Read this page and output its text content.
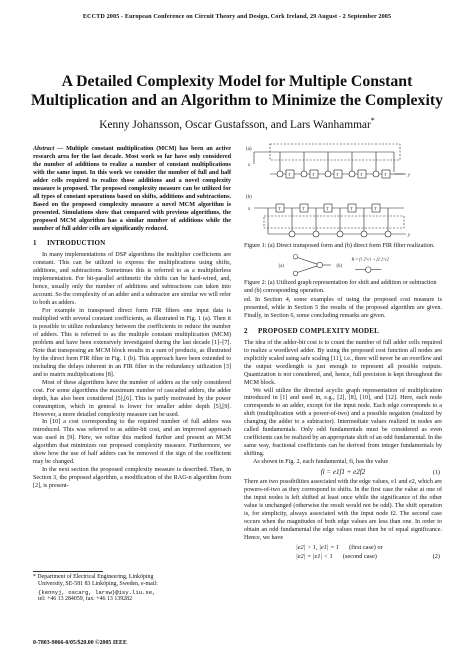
ECCTD 2005 - European Conference on Circuit Theory and Design, Cork Ireland, 29 August - 2 September 2005
A Detailed Complexity Model for Multiple Constant
Multiplication and an Algorithm to Minimize the Complexity
Kenny Johansson, Oscar Gustafsson, and Lars Wanhammar*

Abstract — Multiple constant multiplication (MCM) has been an active research area for the last decade. Most work so far have only considered the number of additions to realize a number of constant multiplications with the same input. In this work we consider the number of full and half adder cells required to realize those additions and a novel complexity measure is proposed. The proposed complexity measure can be utilized for all types of constant operations based on shifts, additions and subtractions. Based on the proposed complexity measure a novel MCM algorithm is presented. Simulations show that compared with previous algorithms, the proposed MCM algorithm has a similar number of additions while the number of full adder cells are significantly reduced.

1 INTRODUCTION

In many implementations of DSP algorithms the multiplier coefficients are constant. This can be utilized to express the multiplications using shifts, additions, and subtractions. Sometimes this is referred to as a multiplierless implementation. For bit-parallel arithmetic the shifts can be hard-wired, and, hence, usually only the number of additions and subtractions can taken into account. So the complexity of an adder and a subtractor are similar we will refer to both as adders.

For example in transposed direct form FIR filters one input data is multiplied with several constant coefficients, as illustrated in Fig. 1 (a). Then it is possible to utilize redundancy between the coefficients to reduce the number of adders. This is referred to as the multiple constant multiplication (MCM) problem and have been extensively investigated during the last decade [1]–[7]. Note that transposing an MCM block results in a sum of products, as illustrated by the direct form FIR filter in Fig. 1 (b). This approach have been extended to including the delays inherent in an FIR filter in the redundancy utilization [3] and to matrix multiplications [8].

Most of these algorithms have the number of adders as the only considered cost. For some algorithms the maximum number of cascaded adders, the adder depth, has also been considered [5],[6]. This is partly motivated by the power consumption, which in general is lower for smaller adder depth [5],[9]. However, a more detailed complexity measure can be used.

In [10] a cost corresponding to the required number of full adders was introduced. This was referred to as adder-bit cost, and an improved approach was used in [9]. Here, we refine this method further and present an MCM algorithm that minimizes our proposed complexity measure. Furthermore, we show how the use of half adders can be removed if the sign of the coefficient may be changed.

In the next section the proposed complexity measure is described. Then, in Section 3, the proposed algorithm, a modification of the RAG-n algorithm from [2], is present-

* Department of Electrical Engineering, Linköping
University, SE-581 83 Linköping, Sweden, e-mail:
{kennyj, oscarg, larsw}@isy.liu.se,
tel: +46 13 284059, fax: +46 13 139282
0-7803-9066-0/05/$20.00 ©2005 IEEE
(a)
x
T	T	T	T	T	y
(b)
x	T	T	T	T	T
y
Figure 1: (a) Direct transposed form and (b) direct form FIR filter realization.
(a)	(b)
B = f1 2^e1 + f2 2^e2
Figure 2: (a) Utilized graph representation for shift and addition or subtraction and (b) corresponding operation.

ed. In Section 4, some examples of using the proposed cost measure is presented, while in Section 5 the results of the proposed algorithm are given. Finally, in Section 6, some concluding remarks are given.

2 PROPOSED COMPLEXITY MODEL

The idea of the adder-bit cost is to count the number of full adder cells required to realize a wordlevel adder. By using the proposed cost function all nodes are explicitly scaled using safe scaling [11], i.e., there will never be an overflow and the output wordlength is just enough to represent all possible outputs. Quantization is not considered, and, hence, full precision is kept throughout the MCM block.

We will utilize the directed acyclic graph representation of multiplication introduced in [1] and used in, e.g., [2], [8], [10], and [12]. Here, each node corresponds to an adder, except for the input node. Each edge corresponds to a shift (multiplication with a power-of-two) and a possible negation (realized by changing the adder to a subtractor). Intermediate values realized in nodes are called fundamentals. Only odd fundamentals must be considered as even coefficients can be realized by an appropriate shift of an odd fundamental. In the same way, fractional coefficients can be derived from integer fundamentals by shifting.

As shown in Fig. 2, each fundamental, fi, has the value

fi = e1f1 + e2f2	(1)

There are two possibilities associated with the edge values, e1 and e2, which are powers-of-two as they correspond to shifts. In the first case the value at one of the input nodes is left shifted at least once while the significance of the other value is unchanged (otherwise the result would not be odd). The shift operation is, for simplicity, always associated with the input node f2. The second case occurs when the magnitudes of both edge values are less than one. In order to obtain an odd fundamental the edge values must then be of equal significance. Hence, we have

|e2| > 1, |e1| = 1 (first case) or
|e2| = |e1| < 1 (second case)	(2)
